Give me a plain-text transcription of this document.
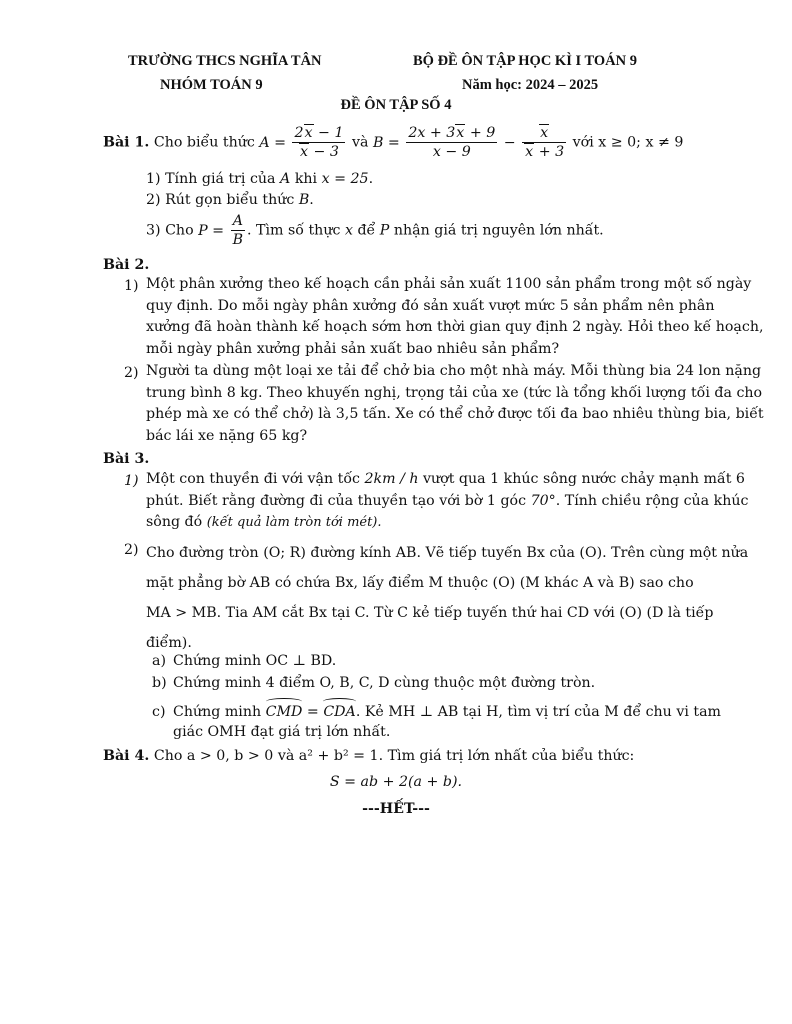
TRƯỜNG THCS NGHĨA TÂN
NHÓM TOÁN 9
BỘ ĐỀ ÔN TẬP HỌC KÌ I TOÁN 9
Năm học: 2024 – 2025
ĐỀ ÔN TẬP SỐ 4
Bài 1. Cho biểu thức $A = \frac{2x - 1}{x - 3}$ và $B = \frac{2x + 3x + 9}{x - 9} - \frac{x}{x + 3}$ với x ≥ 0; x ≠ 9
1) Tính giá trị của A khi x = 25.
2) Rút gọn biểu thức B.
3) Cho $P = \frac{A}{B}$ . Tìm số thực x để P nhận giá trị nguyên lớn nhất.
Bài 2.
1) Một phân xưởng theo kế hoạch cần phải sản xuất 1100 sản phẩm trong một số ngày
quy định. Do mỗi ngày phân xưởng đó sản xuất vượt mức 5 sản phẩm nên phân
xưởng đã hoàn thành kế hoạch sớm hơn thời gian quy định 2 ngày. Hỏi theo kế hoạch,
mỗi ngày phân xưởng phải sản xuất bao nhiêu sản phẩm?
2) Người ta dùng một loại xe tải để chở bia cho một nhà máy. Mỗi thùng bia 24 lon nặng
trung bình 8 kg. Theo khuyến nghị, trọng tải của xe (tức là tổng khối lượng tối đa cho
phép mà xe có thể chở) là 3,5 tấn. Xe có thể chở được tối đa bao nhiêu thùng bia, biết
bác lái xe nặng 65 kg?
Bài 3.
1) Một con thuyền đi với vận tốc 2km / h vượt qua 1 khúc sông nước chảy mạnh mất 6
phút. Biết rằng đường đi của thuyền tạo với bờ 1 góc 70°. Tính chiều rộng của khúc
sông đó (kết quả làm tròn tới mét).
2) Cho đường tròn (O; R) đường kính AB. Vẽ tiếp tuyến Bx của (O). Trên cùng một nửa
mặt phẳng bờ AB có chứa Bx, lấy điểm M thuộc (O) (M khác A và B) sao cho
MA > MB. Tia AM cắt Bx tại C. Từ C kẻ tiếp tuyến thứ hai CD với (O) (D là tiếp
điểm).
a) Chứng minh OC ⊥ BD.
b) Chứng minh 4 điểm O, B, C, D cùng thuộc một đường tròn.
c) Chứng minh CMD = CDA. Kẻ MH ⊥ AB tại H, tìm vị trí của M để chu vi tam
giác OMH đạt giá trị lớn nhất.
Bài 4. Cho a > 0, b > 0 và a² + b² = 1. Tìm giá trị lớn nhất của biểu thức:
S = ab + 2(a + b).
---HẾT---
